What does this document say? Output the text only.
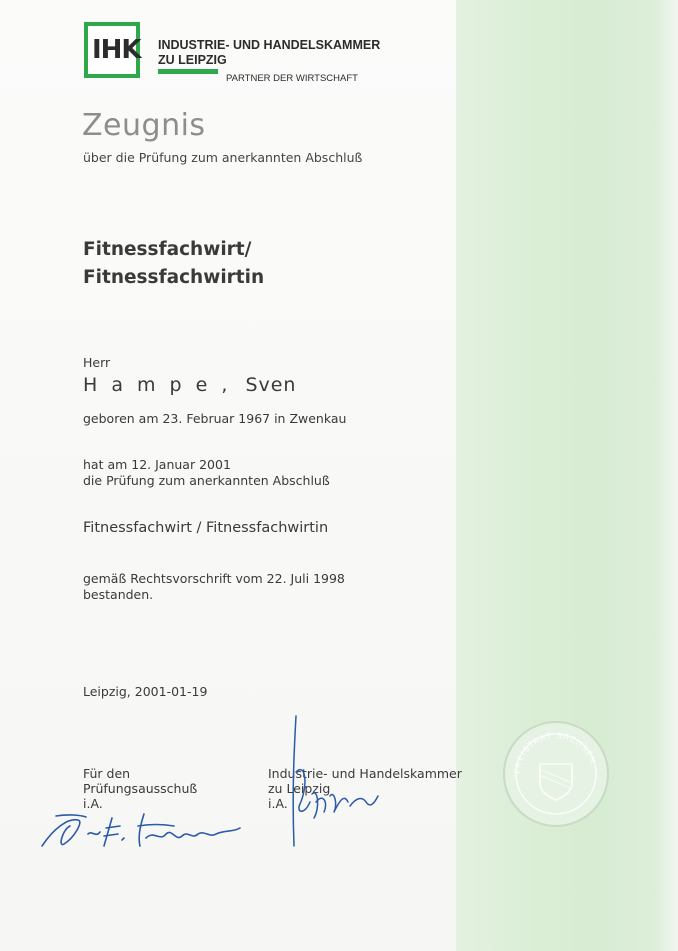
IHK	INDUSTRIE- UND HANDELSKAMMER
ZU LEIPZIG
PARTNER DER WIRTSCHAFT
Zeugnis
über die Prüfung zum anerkannten Abschluß
Fitnessfachwirt/
Fitnessfachwirtin
Herr
H a m p e , Sven
geboren am 23. Februar 1967 in Zwenkau
hat am 12. Januar 2001
die Prüfung zum anerkannten Abschluß
Fitnessfachwirt / Fitnessfachwirtin
gemäß Rechtsvorschrift vom 22. Juli 1998
bestanden.
Leipzig, 2001-01-19
Für den
Prüfungsausschuß
i.A.
Industrie- und Handelskammer
zu Leipzig
i.A.
FREISTAAT SACHSEN
